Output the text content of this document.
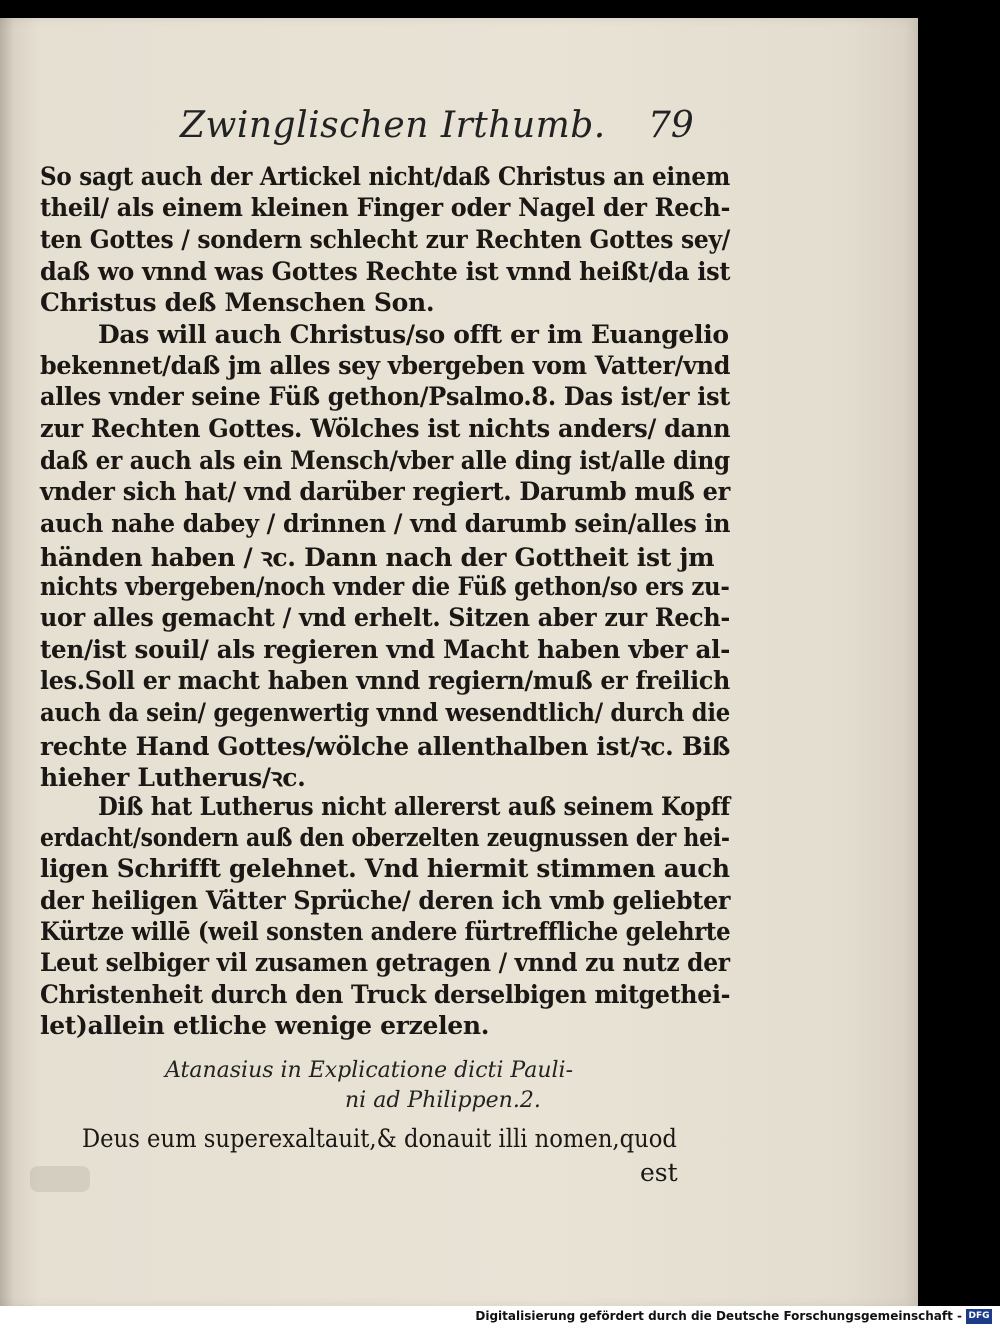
Zwinglischen Irthumb. 79
So sagt auch der Artickel nicht/daß Christus an einem
theil/ als einem kleinen Finger oder Nagel der Rech-
ten Gottes / sondern schlecht zur Rechten Gottes sey/
daß wo vnnd was Gottes Rechte ist vnnd heißt/da ist
Christus deß Menschen Son.
Das will auch Christus/so offt er im Euangelio
bekennet/daß jm alles sey vbergeben vom Vatter/vnd
alles vnder seine Füß gethon/Psalmo.8. Das ist/er ist
zur Rechten Gottes. Wölches ist nichts anders/ dann
daß er auch als ein Mensch/vber alle ding ist/alle ding
vnder sich hat/ vnd darüber regiert. Darumb muß er
auch nahe dabey / drinnen / vnd darumb sein/alles in
händen haben / ꝛc. Dann nach der Gottheit ist jm
nichts vbergeben/noch vnder die Füß gethon/so ers zu-
uor alles gemacht / vnd erhelt. Sitzen aber zur Rech-
ten/ist souil/ als regieren vnd Macht haben vber al-
les.Soll er macht haben vnnd regiern/muß er freilich
auch da sein/ gegenwertig vnnd wesendtlich/ durch die
rechte Hand Gottes/wölche allenthalben ist/ꝛc. Biß
hieher Lutherus/ꝛc.
Diß hat Lutherus nicht allererst auß seinem Kopff
erdacht/sondern auß den oberzelten zeugnussen der hei-
ligen Schrifft gelehnet. Vnd hiermit stimmen auch
der heiligen Vätter Sprüche/ deren ich vmb geliebter
Kürtze willē (weil sonsten andere fürtreffliche gelehrte
Leut selbiger vil zusamen getragen / vnnd zu nutz der
Christenheit durch den Truck derselbigen mitgethei-
let)allein etliche wenige erzelen.
Atanasius in Explicatione dicti Pauli-
ni ad Philippen.2.
Deus eum superexaltauit,& donauit illi nomen,quod
est
Digitalisierung gefördert durch die Deutsche Forschungsgemeinschaft - DFG
